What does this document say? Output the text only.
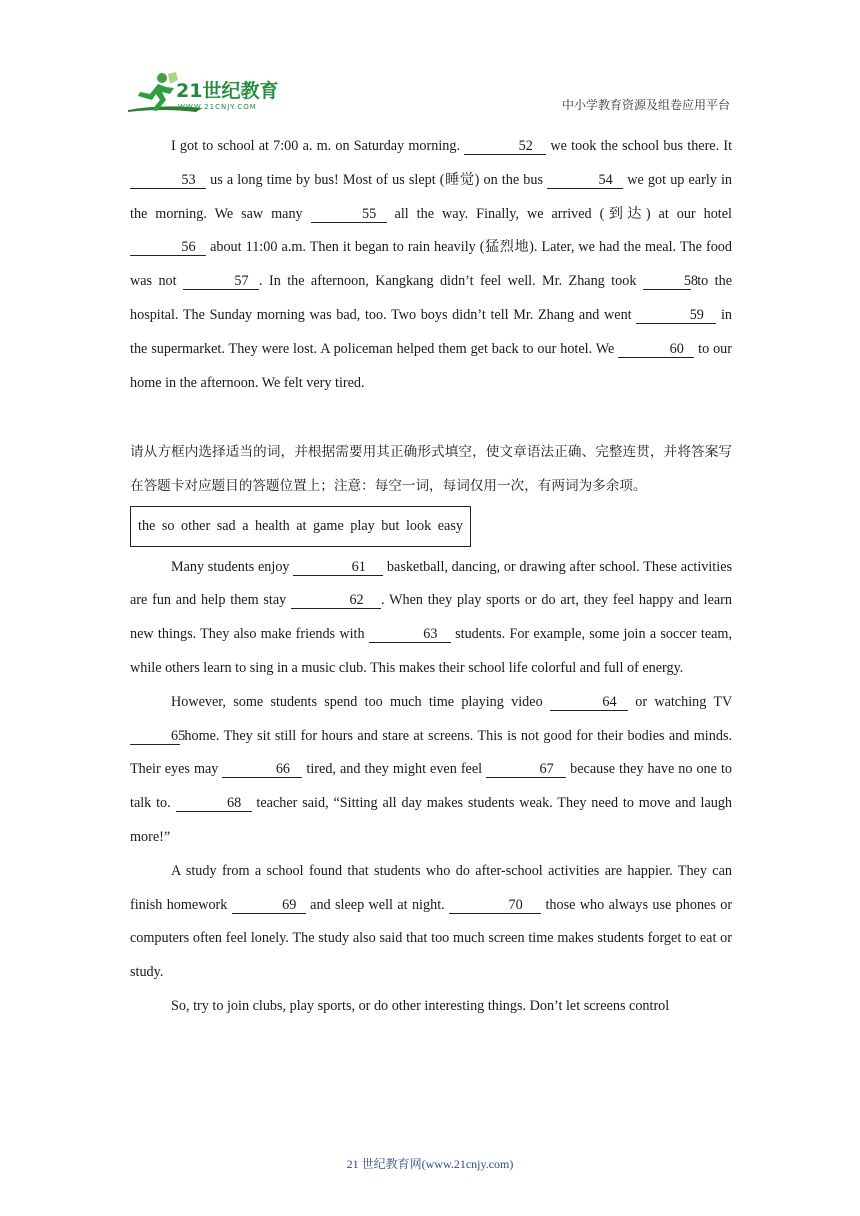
21世纪教育
WWW.21CNJY.COM	中小学教育资源及组卷应用平台

I got to school at 7:00 a. m. on Saturday morning.	52 we took the school bus there. It 53 us a long time by bus! Most of us slept (睡觉) on the bus	54 we got up early in the morning. We saw many	55 all the way. Finally, we arrived (到达) at our hotel 56 about 11:00 a.m. Then it began to rain heavily (猛烈地). Later, we had the meal. The food was not	57 . In the afternoon, Kangkang didn’t feel well. Mr. Zhang took	58 to the hospital. The Sunday morning was bad, too. Two boys didn’t tell Mr. Zhang and went	59 in the supermarket. They were lost. A policeman helped them get back to our hotel. We	60 to our home in the afternoon. We felt very tired.

请从方框内选择适当的词，并根据需要用其正确形式填空，使文章语法正确、完整连贯，并将答案写在答题卡对应题目的答题位置上；注意：每空一词，每词仅用一次，有两词为多余项。

the so other sad a health at game play but look easy

Many students enjoy	61 basketball, dancing, or drawing after school. These activities are fun and help them stay	62 . When they play sports or do art, they feel happy and learn new things. They also make friends with	63 students. For example, some join a soccer team, while others learn to sing in a music club. This makes their school life colorful and full of energy.

However, some students spend too much time playing video	64 or watching TV 65 home. They sit still for hours and stare at screens. This is not good for their bodies and minds. Their eyes may	66 tired, and they might even feel	67 because they have no one to talk to.	68 teacher said, “Sitting all day makes students weak. They need to move and laugh more!”

A study from a school found that students who do after-school activities are happier. They can finish homework	69 and sleep well at night.	70 those who always use phones or computers often feel lonely. The study also said that too much screen time makes students forget to eat or study.

So, try to join clubs, play sports, or do other interesting things. Don’t let screens control

21 世纪教育网(www.21cnjy.com)
